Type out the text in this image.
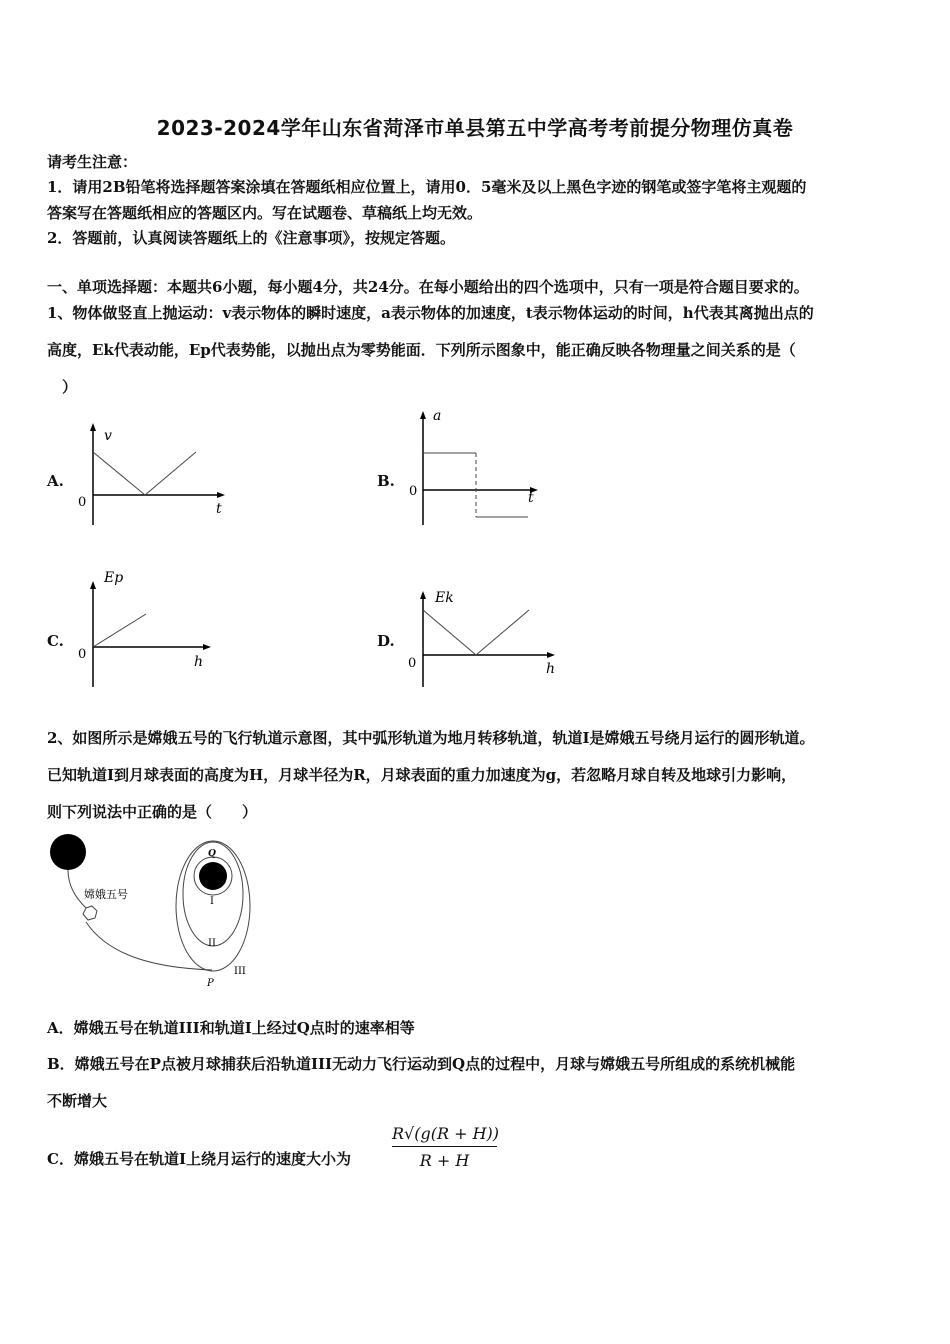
2023-2024学年山东省菏泽市单县第五中学高考考前提分物理仿真卷
请考生注意：
1．请用2B铅笔将选择题答案涂填在答题纸相应位置上，请用0．5毫米及以上黑色字迹的钢笔或签字笔将主观题的
答案写在答题纸相应的答题区内。写在试题卷、草稿纸上均无效。
2．答题前，认真阅读答题纸上的《注意事项》，按规定答题。
一、单项选择题：本题共6小题，每小题4分，共24分。在每小题给出的四个选项中，只有一项是符合题目要求的。
1、物体做竖直上抛运动：v表示物体的瞬时速度，a表示物体的加速度，t表示物体运动的时间，h代表其离抛出点的
高度，Ek代表动能，Ep代表势能，以抛出点为零势能面．下列所示图象中，能正确反映各物理量之间关系的是（
）
A.
v
0	t
B.
a
0	t
C.
Ep
0	h
D.
Ek
0	h
2、如图所示是嫦娥五号的飞行轨道示意图，其中弧形轨道为地月转移轨道，轨道I是嫦娥五号绕月运行的圆形轨道。
已知轨道I到月球表面的高度为H，月球半径为R，月球表面的重力加速度为g，若忽略月球自转及地球引力影响，
则下列说法中正确的是（　　）
嫦娥五号
Q
I
II
III
P
A．嫦娥五号在轨道III和轨道I上经过Q点时的速率相等
B．嫦娥五号在P点被月球捕获后沿轨道III无动力飞行运动到Q点的过程中，月球与嫦娥五号所组成的系统机械能
不断增大
C．嫦娥五号在轨道I上绕月运行的速度大小为	$\frac{R√(g(R + H))}{R + H}$
